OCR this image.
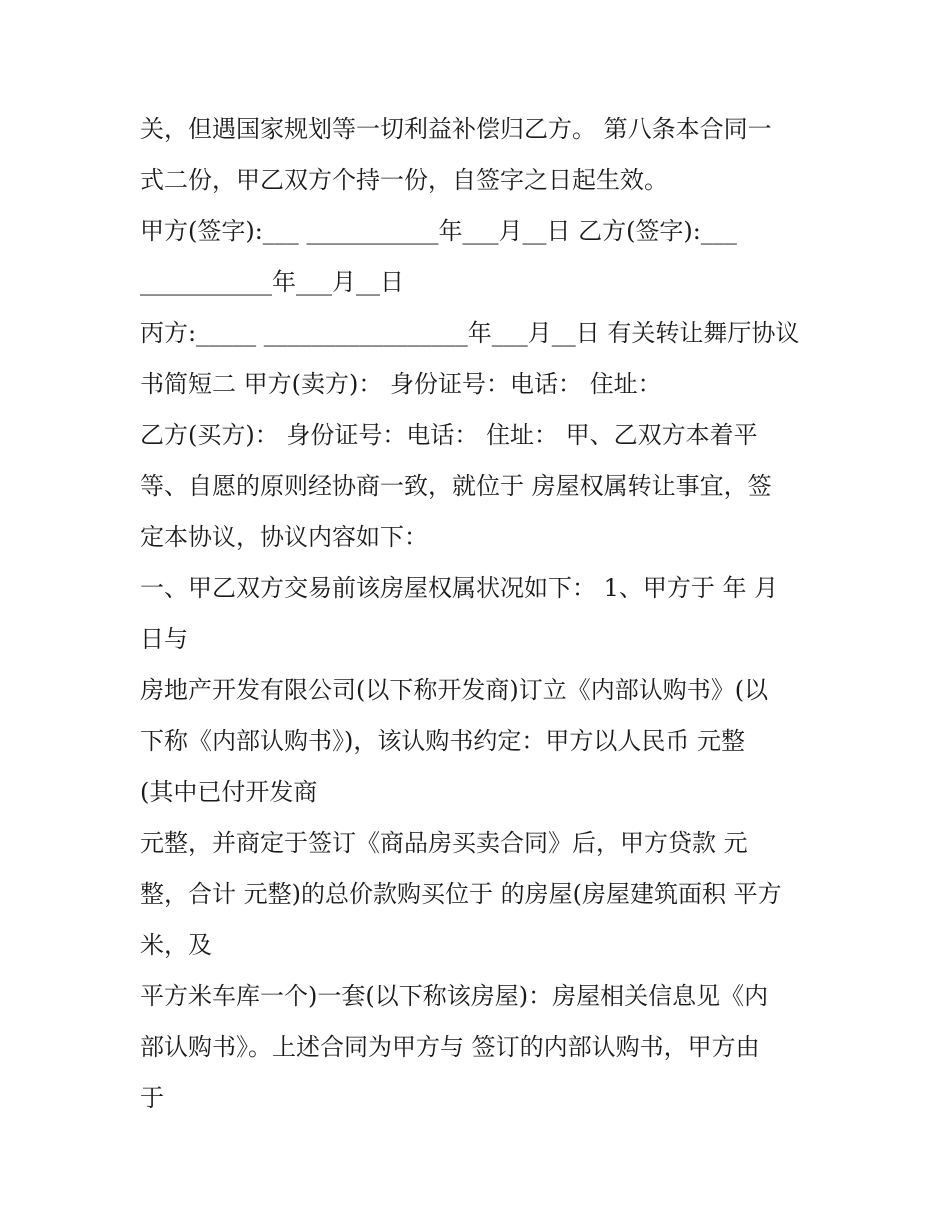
关，但遇国家规划等一切利益补偿归乙方。 第八条本合同一
式二份，甲乙双方个持一份，自签字之日起生效。
甲方(签字):___ ___________年___月__日 乙方(签字):___
___________年___月__日
丙方:_____ _________________年___月__日 有关转让舞厅协议
书简短二 甲方(卖方)： 身份证号：电话： 住址：
乙方(买方)： 身份证号：电话： 住址： 甲、乙双方本着平
等、自愿的原则经协商一致，就位于 房屋权属转让事宜，签
定本协议，协议内容如下：
一、甲乙双方交易前该房屋权属状况如下： 1、甲方于 年 月
日与
房地产开发有限公司(以下称开发商)订立《内部认购书》(以
下称《内部认购书》)，该认购书约定：甲方以人民币 元整
(其中已付开发商
元整，并商定于签订《商品房买卖合同》后，甲方贷款 元
整，合计 元整)的总价款购买位于 的房屋(房屋建筑面积 平方
米，及
平方米车库一个)一套(以下称该房屋)：房屋相关信息见《内
部认购书》。上述合同为甲方与 签订的内部认购书，甲方由
于
